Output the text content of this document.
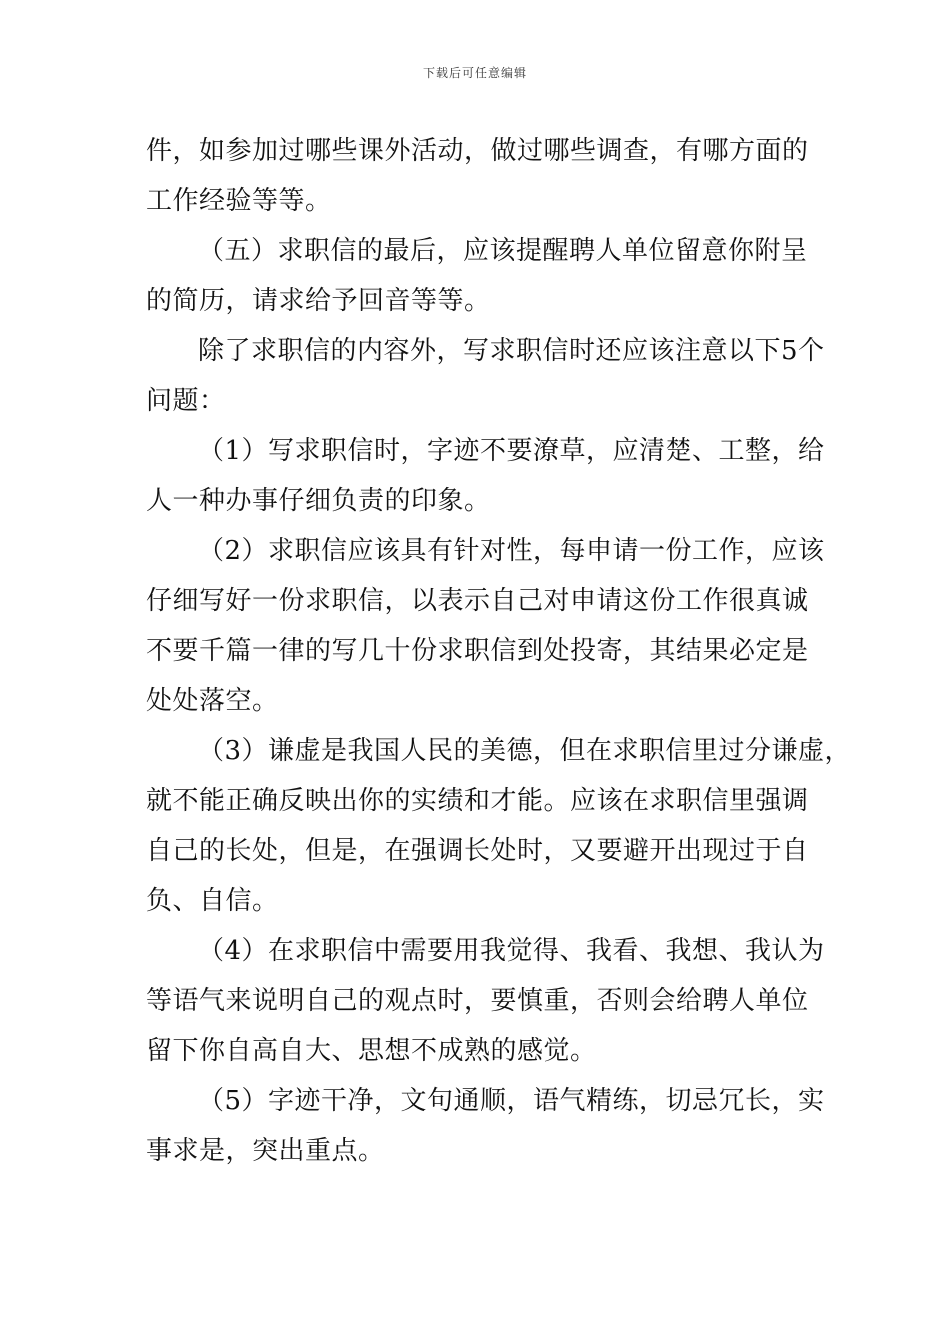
下载后可任意编辑
件，如参加过哪些课外活动，做过哪些调查，有哪方面的
工作经验等等。
（五）求职信的最后，应该提醒聘人单位留意你附呈
的简历，请求给予回音等等。
除了求职信的内容外，写求职信时还应该注意以下5个
问题：
（1）写求职信时，字迹不要潦草，应清楚、工整，给
人一种办事仔细负责的印象。
（2）求职信应该具有针对性，每申请一份工作，应该
仔细写好一份求职信，以表示自己对申请这份工作很真诚
不要千篇一律的写几十份求职信到处投寄，其结果必定是
处处落空。
（3）谦虚是我国人民的美德，但在求职信里过分谦虚，
就不能正确反映出你的实绩和才能。应该在求职信里强调
自己的长处，但是，在强调长处时，又要避开出现过于自
负、自信。
（4）在求职信中需要用我觉得、我看、我想、我认为
等语气来说明自己的观点时，要慎重，否则会给聘人单位
留下你自高自大、思想不成熟的感觉。
（5）字迹干净，文句通顺，语气精练，切忌冗长，实
事求是，突出重点。
